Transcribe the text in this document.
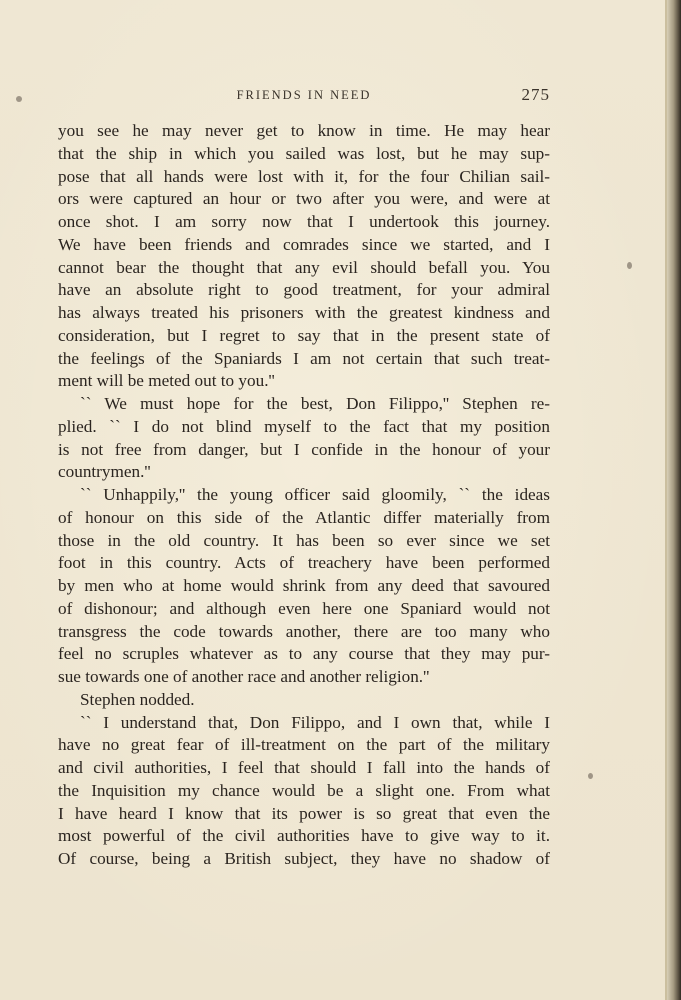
FRIENDS IN NEED	275
you see he may never get to know in time. He may hear
that the ship in which you sailed was lost, but he may sup-
pose that all hands were lost with it, for the four Chilian sail-
ors were captured an hour or two after you were, and were at
once shot. I am sorry now that I undertook this journey.
We have been friends and comrades since we started, and I
cannot bear the thought that any evil should befall you. You
have an absolute right to good treatment, for your admiral
has always treated his prisoners with the greatest kindness and
consideration, but I regret to say that in the present state of
the feelings of the Spaniards I am not certain that such treat-
ment will be meted out to you.''
`` We must hope for the best, Don Filippo,'' Stephen re-
plied. `` I do not blind myself to the fact that my position
is not free from danger, but I confide in the honour of your
countrymen.''
`` Unhappily,'' the young officer said gloomily, `` the ideas
of honour on this side of the Atlantic differ materially from
those in the old country. It has been so ever since we set
foot in this country. Acts of treachery have been performed
by men who at home would shrink from any deed that savoured
of dishonour; and although even here one Spaniard would not
transgress the code towards another, there are too many who
feel no scruples whatever as to any course that they may pur-
sue towards one of another race and another religion.''
Stephen nodded.
`` I understand that, Don Filippo, and I own that, while I
have no great fear of ill-treatment on the part of the military
and civil authorities, I feel that should I fall into the hands of
the Inquisition my chance would be a slight one. From what
I have heard I know that its power is so great that even the
most powerful of the civil authorities have to give way to it.
Of course, being a British subject, they have no shadow of
